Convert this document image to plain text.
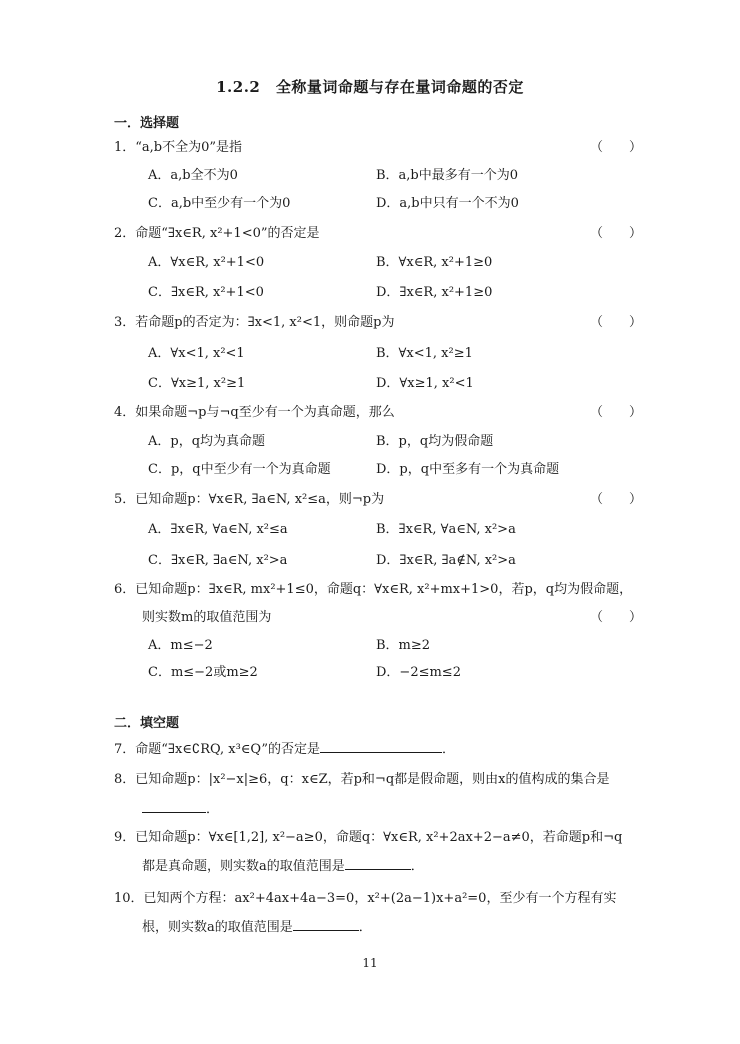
1.2.2　全称量词命题与存在量词命题的否定
一．选择题
1．“a,b不全为0”是指	（　　）
A．a,b全不为0	B．a,b中最多有一个为0
C．a,b中至少有一个为0	D．a,b中只有一个不为0
2．命题“∃x∈R, x²+1<0”的否定是	（　　）
A．∀x∈R, x²+1<0	B．∀x∈R, x²+1≥0
C．∃x∈R, x²+1<0	D．∃x∈R, x²+1≥0
3．若命题p的否定为：∃x<1, x²<1，则命题p为	（　　）
A．∀x<1, x²<1	B．∀x<1, x²≥1
C．∀x≥1, x²≥1	D．∀x≥1, x²<1
4．如果命题¬p与¬q至少有一个为真命题，那么	（　　）
A．p，q均为真命题	B．p，q均为假命题
C．p，q中至少有一个为真命题	D．p，q中至多有一个为真命题
5．已知命题p：∀x∈R, ∃a∈N, x²≤a，则¬p为	（　　）
A．∃x∈R, ∀a∈N, x²≤a	B．∃x∈R, ∀a∈N, x²>a
C．∃x∈R, ∃a∈N, x²>a	D．∃x∈R, ∃a∉N, x²>a
6．已知命题p：∃x∈R, mx²+1≤0，命题q：∀x∈R, x²+mx+1>0，若p，q均为假命题，
则实数m的取值范围为	（　　）
A．m≤−2	B．m≥2
C．m≤−2或m≥2	D．−2≤m≤2
二．填空题
7．命题“∃x∈∁RQ, x³∈Q”的否定是	．
8．已知命题p：|x²−x|≥6，q：x∈Z，若p和¬q都是假命题，则由x的值构成的集合是
．
9．已知命题p：∀x∈[1,2], x²−a≥0，命题q：∀x∈R, x²+2ax+2−a≠0，若命题p和¬q
都是真命题，则实数a的取值范围是	．
10．已知两个方程：ax²+4ax+4a−3=0，x²+(2a−1)x+a²=0，至少有一个方程有实
根，则实数a的取值范围是	．
11
